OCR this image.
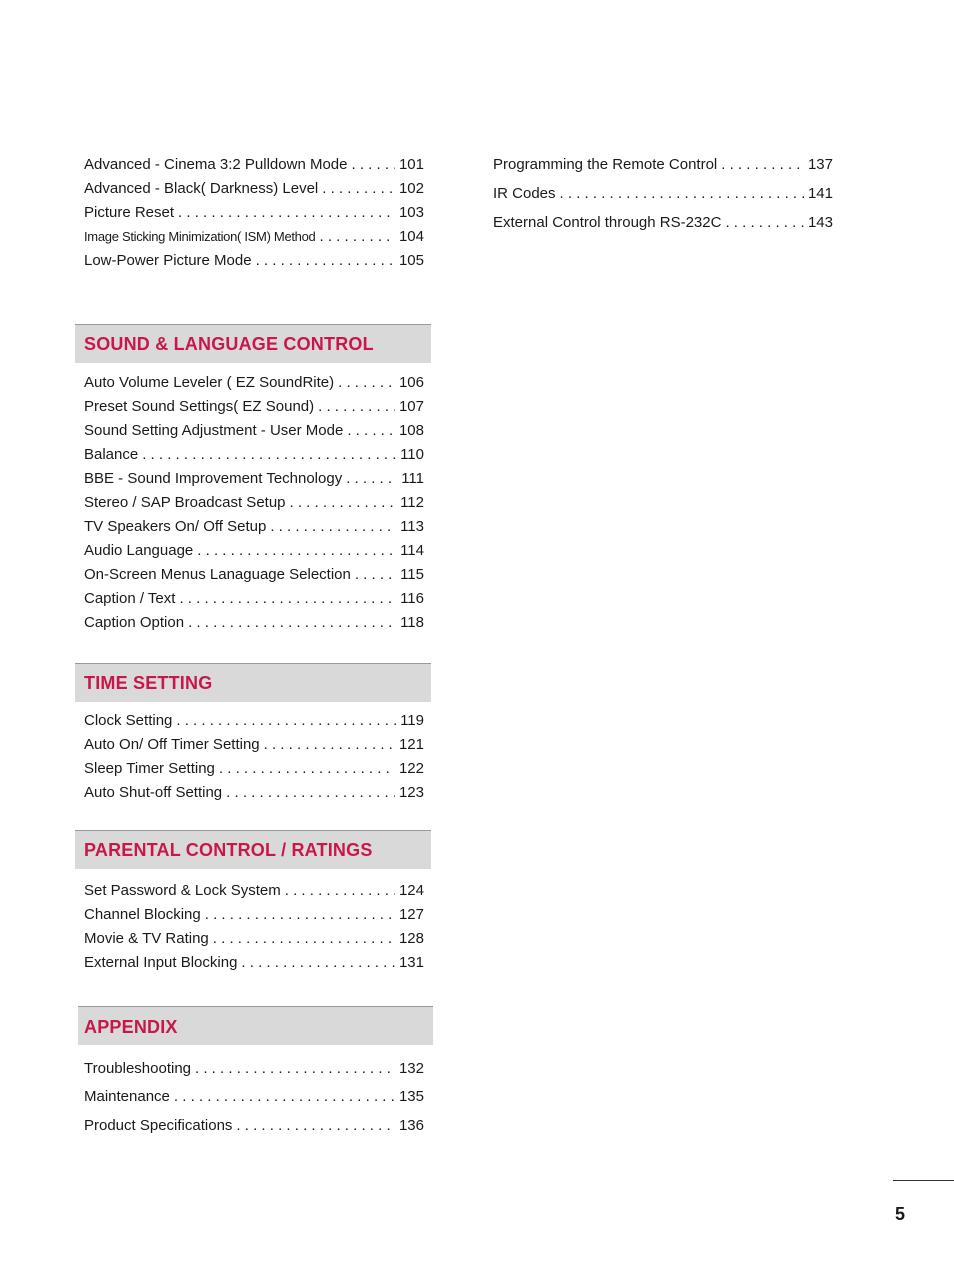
Advanced - Cinema 3:2 Pulldown Mode . . .	101
Advanced - Black( Darkness) Level . . .	102
Picture Reset . . .	103
Image Sticking Minimization( ISM) Method . . .	104
Low-Power Picture Mode . . .	105
Programming the Remote Control . . .	137
IR Codes . . .	141
External Control through RS-232C . . .	143
SOUND & LANGUAGE CONTROL
Auto Volume Leveler ( EZ SoundRite) . . .	106
Preset Sound Settings( EZ Sound) . . .	107
Sound Setting Adjustment - User Mode . . .	108
Balance . . .	110
BBE - Sound Improvement Technology . . .	111
Stereo / SAP Broadcast Setup . . .	112
TV Speakers On/ Off Setup . . .	113
Audio Language . . .	114
On-Screen Menus Lanaguage Selection . . .	115
Caption / Text . . .	116
Caption Option . . .	118
TIME SETTING
Clock Setting . . .	119
Auto On/ Off Timer Setting . . .	121
Sleep Timer Setting . . .	122
Auto Shut-off Setting . . .	123
PARENTAL CONTROL / RATINGS
Set Password & Lock System . . .	124
Channel Blocking . . .	127
Movie & TV Rating . . .	128
External Input Blocking . . .	131
APPENDIX
Troubleshooting . . .	132
Maintenance . . .	135
Product Specifications . . .	136
5
